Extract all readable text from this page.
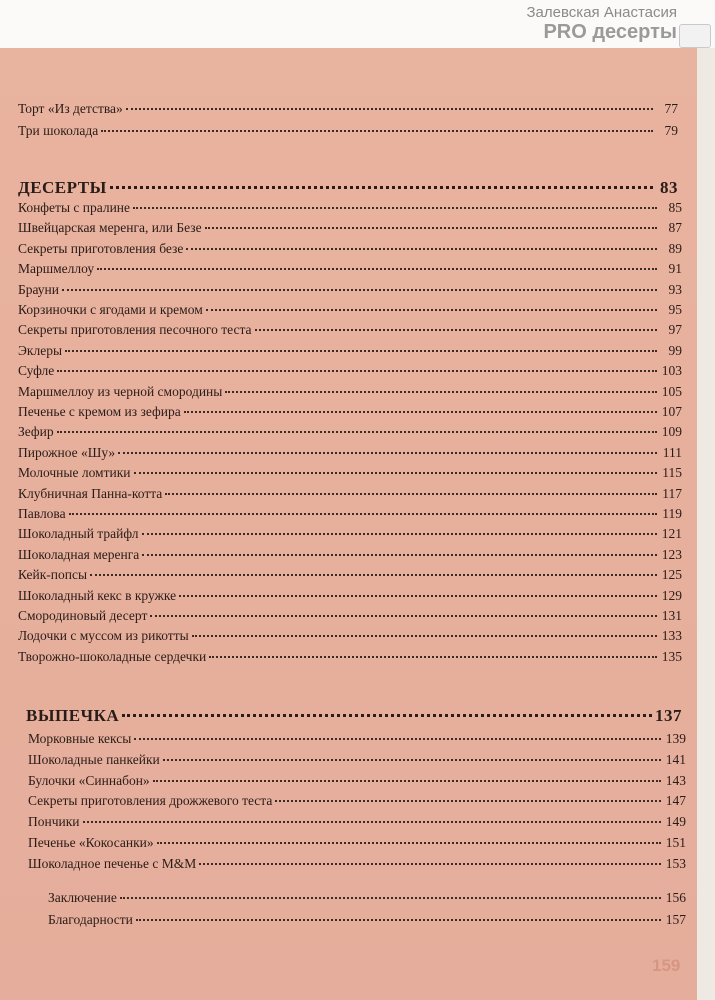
Залевская Анастасия
PRO десерты
Торт «Из детства»	77
Три шоколада	79
ДЕСЕРТЫ	83
Конфеты с пралине	85
Швейцарская меренга, или Безе	87
Секреты приготовления безе	89
Маршмеллоу	91
Брауни	93
Корзиночки с ягодами и кремом	95
Секреты приготовления песочного теста	97
Эклеры	99
Суфле	103
Маршмеллоу из черной смородины	105
Печенье с кремом из зефира	107
Зефир	109
Пирожное «Шу»	111
Молочные ломтики	115
Клубничная Панна-котта	117
Павлова	119
Шоколадный трайфл	121
Шоколадная меренга	123
Кейк-попсы	125
Шоколадный кекс в кружке	129
Смородиновый десерт	131
Лодочки с муссом из рикотты	133
Творожно-шоколадные сердечки	135
ВЫПЕЧКА	137
Морковные кексы	139
Шоколадные панкейки	141
Булочки «Синнабон»	143
Секреты приготовления дрожжевого теста	147
Пончики	149
Печенье «Кокосанки»	151
Шоколадное печенье с M&M	153
Заключение	156
Благодарности	157
159
